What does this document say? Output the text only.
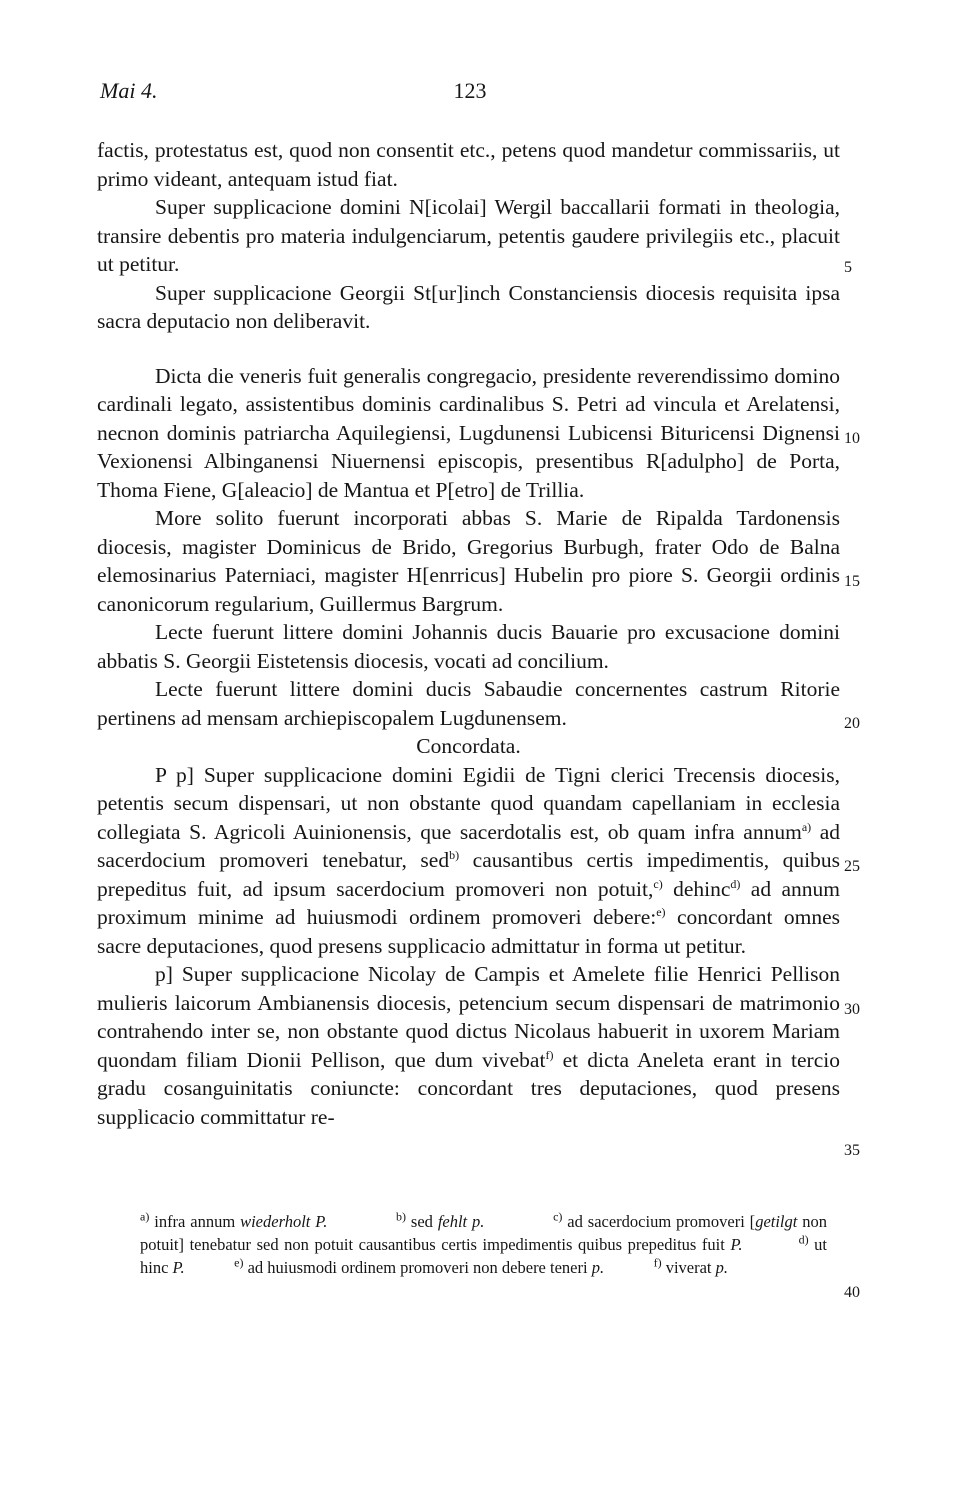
Mai 4.	123

factis, protestatus est, quod non consentit etc., petens quod mandetur commissariis, ut primo videant, antequam istud fiat.

Super supplicacione domini N[icolai] Wergil baccallarii formati in theologia, transire debentis pro materia indulgenciarum, petentis gaudere privilegiis etc., placuit ut petitur.

Super supplicacione Georgii St[ur]inch Constanciensis diocesis requisita ipsa sacra deputacio non deliberavit.

Dicta die veneris fuit generalis congregacio, presidente reverendissimo domino cardinali legato, assistentibus dominis cardinalibus S. Petri ad vincula et Arelatensi, necnon dominis patriarcha Aquilegiensi, Lugdunensi Lubicensi Bituricensi Dignensi Vexionensi Albinganensi Niuernensi episcopis, presentibus R[adulpho] de Porta, Thoma Fiene, G[aleacio] de Mantua et P[etro] de Trillia.

More solito fuerunt incorporati abbas S. Marie de Ripalda Tardonensis diocesis, magister Dominicus de Brido, Gregorius Burbugh, frater Odo de Balna elemosinarius Paterniaci, magister H[enrricus] Hubelin pro piore S. Georgii ordinis canonicorum regularium, Guillermus Bargrum.

Lecte fuerunt littere domini Johannis ducis Bauarie pro excusacione domini abbatis S. Georgii Eistetensis diocesis, vocati ad concilium.

Lecte fuerunt littere domini ducis Sabaudie concernentes castrum Ritorie pertinens ad mensam archiepiscopalem Lugdunensem.

Concordata.

P p] Super supplicacione domini Egidii de Tigni clerici Trecensis diocesis, petentis secum dispensari, ut non obstante quod quandam capellaniam in ecclesia collegiata S. Agricoli Auinionensis, que sacerdotalis est, ob quam infra annum$^{a)}$ ad sacerdocium promoveri tenebatur, sed$^{b)}$ causantibus certis impedimentis, quibus prepeditus fuit, ad ipsum sacerdocium promoveri non potuit,$^{c)}$ dehinc$^{d)}$ ad annum proximum minime ad huiusmodi ordinem promoveri debere:$^{e)}$ concordant omnes sacre deputaciones, quod presens supplicacio admittatur in forma ut petitur.

p] Super supplicacione Nicolay de Campis et Amelete filie Henrici Pellison mulieris laicorum Ambianensis diocesis, petencium secum dispensari de matrimonio contrahendo inter se, non obstante quod dictus Nicolaus habuerit in uxorem Mariam quondam filiam Dionii Pellison, que dum vivebat$^{f)}$ et dicta Aneleta erant in tercio gradu cosanguinitatis coniuncte: concordant tres deputaciones, quod presens supplicacio committatur re-

5
10
15
20
25
30
35
40

$^{a)}$ infra annum wiederholt P.	$^{b)}$ sed fehlt p.	$^{c)}$ ad sacerdocium promoveri [getilgt non potuit] tenebatur sed non potuit causantibus certis impedimentis quibus prepeditus fuit P.	$^{d)}$ ut hinc P.	$^{e)}$ ad huiusmodi ordinem promoveri non debere teneri p.	$^{f)}$ viverat p.
